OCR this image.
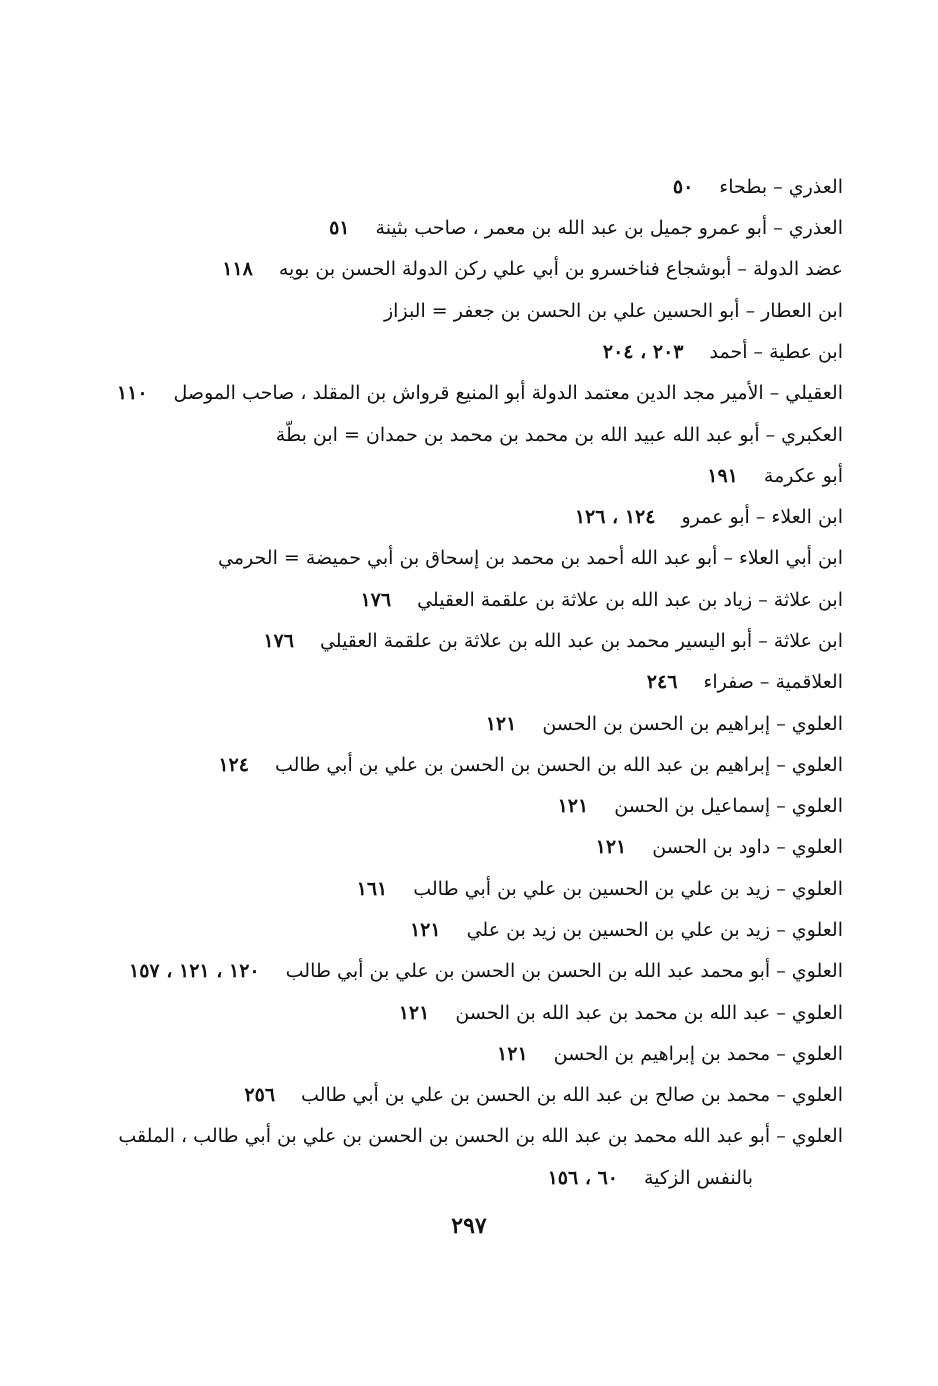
العذري – بطحاء٥٠
العذري – أبو عمرو جميل بن عبد الله بن معمر ، صاحب بثينة٥١
عضد الدولة – أبوشجاع فناخسرو بن أبي علي ركن الدولة الحسن بن بويه١١٨
ابن العطار – أبو الحسين علي بن الحسن بن جعفر = البزاز
ابن عطية – أحمد٢٠٣ ، ٢٠٤
العقيلي – الأمير مجد الدين معتمد الدولة أبو المنيع قرواش بن المقلد ، صاحب الموصل١١٠
العكبري – أبو عبد الله عبيد الله بن محمد بن محمد بن حمدان = ابن بطّة
أبو عكرمة١٩١
ابن العلاء – أبو عمرو١٢٤ ، ١٢٦
ابن أبي العلاء – أبو عبد الله أحمد بن محمد بن إسحاق بن أبي حميضة = الحرمي
ابن علاثة – زياد بن عبد الله بن علاثة بن علقمة العقيلي١٧٦
ابن علاثة – أبو اليسير محمد بن عبد الله بن علاثة بن علقمة العقيلي١٧٦
العلاقمية – صفراء٢٤٦
العلوي – إبراهيم بن الحسن بن الحسن١٢١
العلوي – إبراهيم بن عبد الله بن الحسن بن الحسن بن علي بن أبي طالب١٢٤
العلوي – إسماعيل بن الحسن١٢١
العلوي – داود بن الحسن١٢١
العلوي – زيد بن علي بن الحسين بن علي بن أبي طالب١٦١
العلوي – زيد بن علي بن الحسين بن زيد بن علي١٢١
العلوي – أبو محمد عبد الله بن الحسن بن الحسن بن علي بن أبي طالب١٢٠ ، ١٢١ ، ١٥٧
العلوي – عبد الله بن محمد بن عبد الله بن الحسن١٢١
العلوي – محمد بن إبراهيم بن الحسن١٢١
العلوي – محمد بن صالح بن عبد الله بن الحسن بن علي بن أبي طالب٢٥٦
العلوي – أبو عبد الله محمد بن عبد الله بن الحسن بن الحسن بن علي بن أبي طالب ، الملقب
بالنفس الزكية٦٠ ، ١٥٦
٢٩٧
